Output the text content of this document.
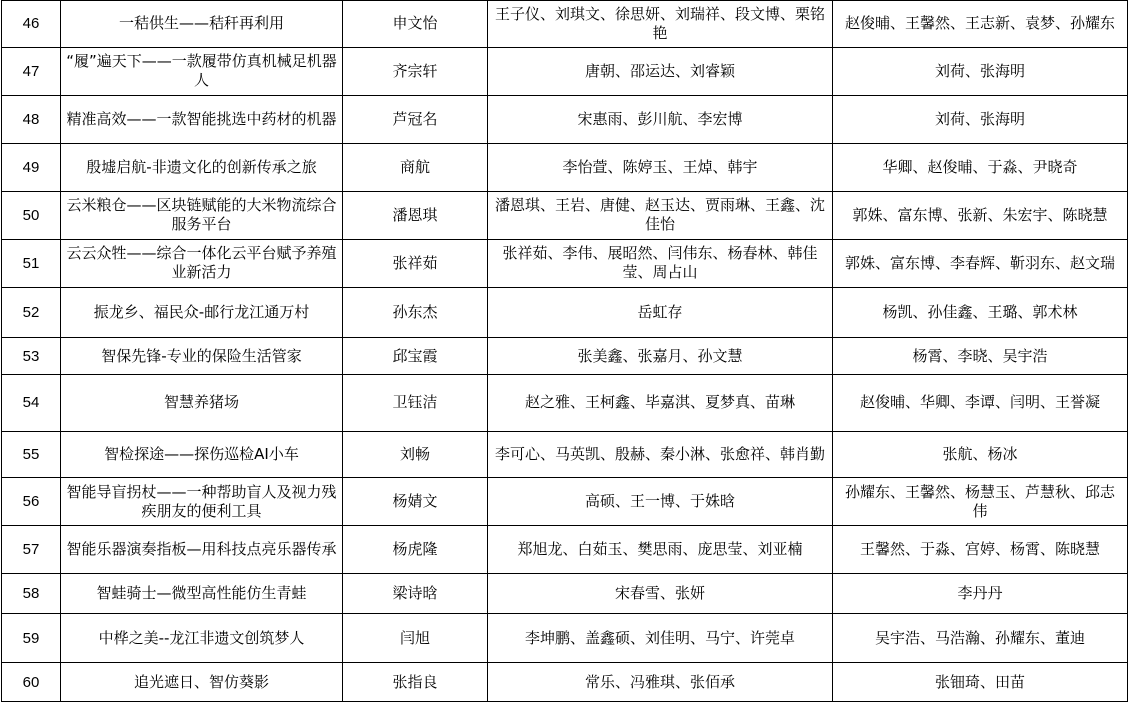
46	一秸供生——秸秆再利用	申文怡	王子仪、刘琪文、徐思妍、刘瑞祥、段文博、栗铭艳	赵俊晡、王馨然、王志新、袁梦、孙耀东
47	“履”遍天下——一款履带仿真机械足机器人	齐宗轩	唐朝、邵运达、刘睿颖	刘荷、张海明
48	精准高效——一款智能挑选中药材的机器	芦冠名	宋惠雨、彭川航、李宏博	刘荷、张海明
49	殷墟启航-非遗文化的创新传承之旅	商航	李怡萱、陈婷玉、王焯、韩宇	华卿、赵俊晡、于淼、尹晓奇
50	云米粮仓——区块链赋能的大米物流综合服务平台	潘恩琪	潘恩琪、王岩、唐健、赵玉达、贾雨琳、王鑫、沈佳怡	郭姝、富东博、张新、朱宏宇、陈晓慧
51	云云众牲——综合一体化云平台赋予养殖业新活力	张祥茹	张祥茹、李伟、展昭然、闫伟东、杨春林、韩佳莹、周占山	郭姝、富东博、李春辉、靳羽东、赵文瑞
52	振龙乡、福民众-邮行龙江通万村	孙东杰	岳虹存	杨凯、孙佳鑫、王璐、郭术林
53	智保先锋-专业的保险生活管家	邱宝霞	张美鑫、张嘉月、孙文慧	杨霄、李晓、吴宇浩
54	智慧养猪场	卫钰洁	赵之雅、王柯鑫、毕嘉淇、夏梦真、苗琳	赵俊晡、华卿、李谭、闫明、王誉凝
55	智检探途——探伤巡检AI小车	刘畅	李可心、马英凯、殷赫、秦小淋、张愈祥、韩肖勤	张航、杨冰
56	智能导盲拐杖——一种帮助盲人及视力残疾朋友的便利工具	杨婧文	高硕、王一博、于姝晗	孙耀东、王馨然、杨慧玉、芦慧秋、邱志伟
57	智能乐器演奏指板—用科技点亮乐器传承	杨虎隆	郑旭龙、白茹玉、樊思雨、庞思莹、刘亚楠	王馨然、于淼、宫婷、杨霄、陈晓慧
58	智蛙骑士—微型高性能仿生青蛙	梁诗晗	宋春雪、张妍	李丹丹
59	中桦之美--龙江非遗文创筑梦人	闫旭	李坤鹏、盖鑫硕、刘佳明、马宁、许莞卓	吴宇浩、马浩瀚、孙耀东、董迪
60	追光遮日、智仿葵影	张指良	常乐、冯雅琪、张佰承	张钿琦、田苗
